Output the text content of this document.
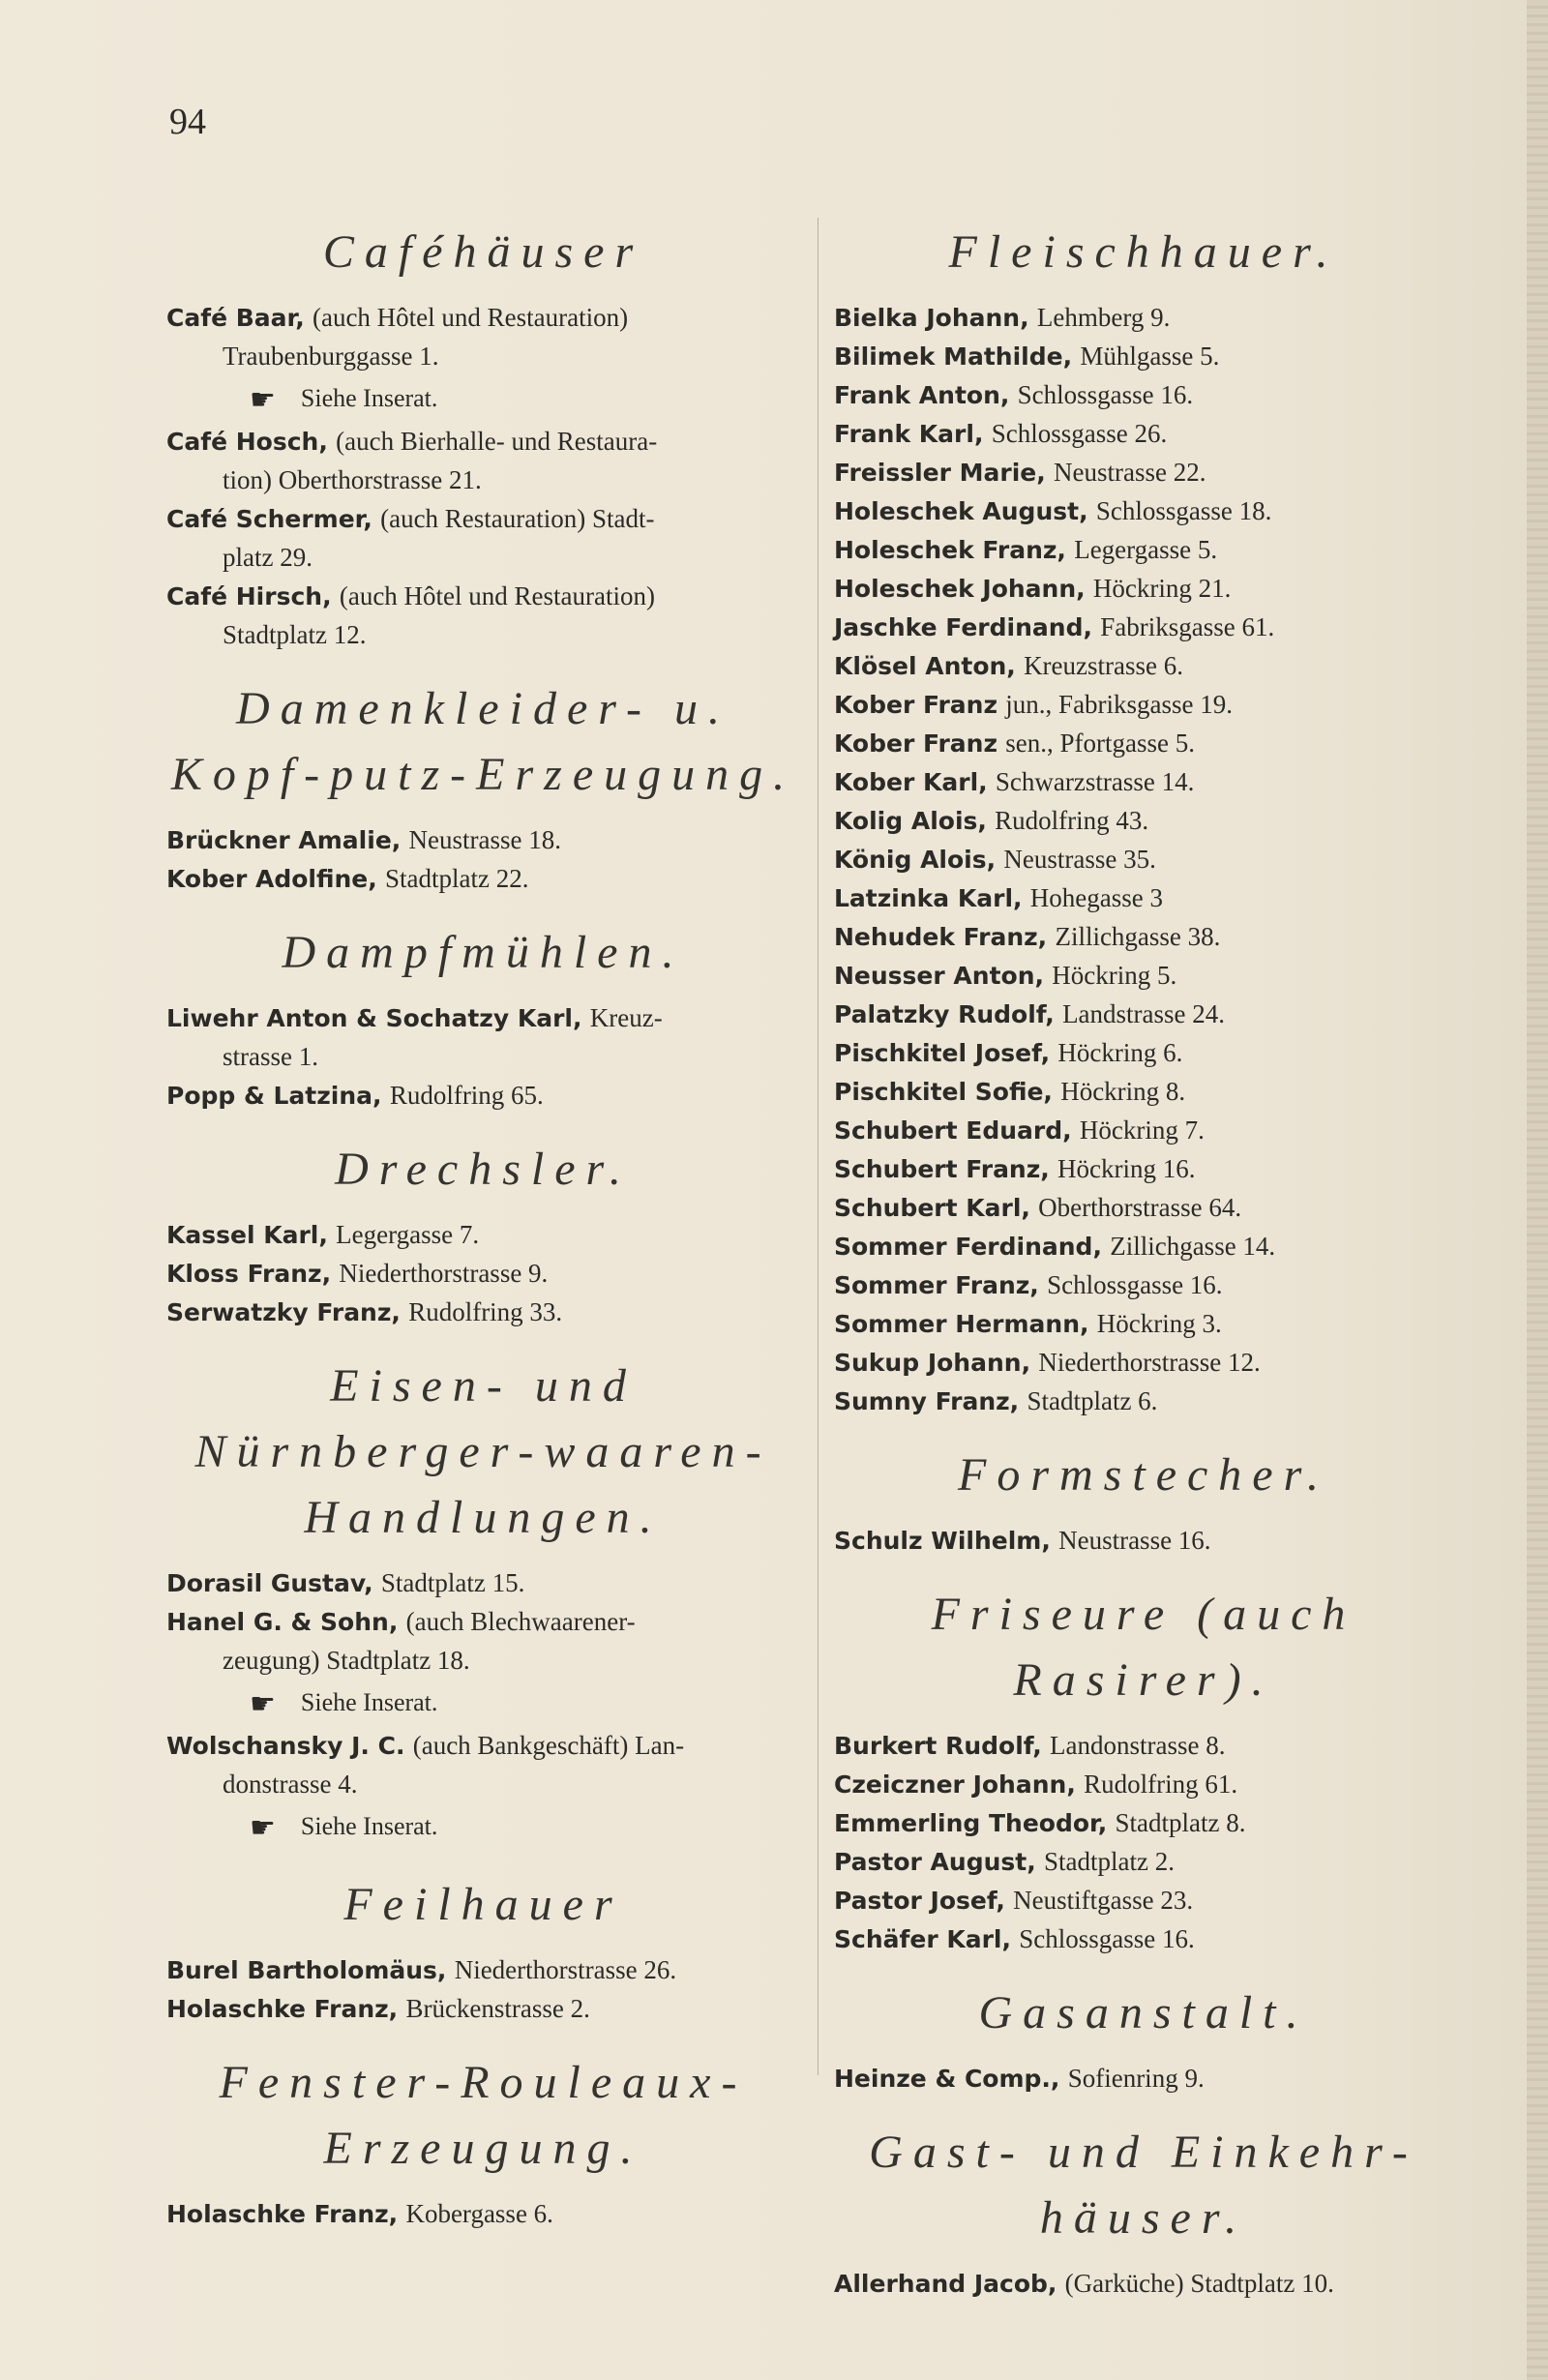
94
Caféhäuser

Café Baar, (auch Hôtel und Restauration)

Traubenburggasse 1.

☛ Siehe Inserat.

Café Hosch, (auch Bierhalle- und Restaura-

tion) Oberthorstrasse 21.

Café Schermer, (auch Restauration) Stadt-

platz 29.

Café Hirsch, (auch Hôtel und Restauration)

Stadtplatz 12.

Damenkleider- u. Kopf-putz-Erzeugung.

Brückner Amalie, Neustrasse 18.

Kober Adolfine, Stadtplatz 22.

Dampfmühlen.

Liwehr Anton & Sochatzy Karl, Kreuz-

strasse 1.

Popp & Latzina, Rudolfring 65.

Drechsler.

Kassel Karl, Legergasse 7.

Kloss Franz, Niederthorstrasse 9.

Serwatzky Franz, Rudolfring 33.

Eisen- und Nürnberger-waaren-Handlungen.

Dorasil Gustav, Stadtplatz 15.

Hanel G. & Sohn, (auch Blechwaarener-

zeugung) Stadtplatz 18.

☛ Siehe Inserat.

Wolschansky J. C. (auch Bankgeschäft) Lan-

donstrasse 4.

☛ Siehe Inserat.
Feilhauer

Burel Bartholomäus, Niederthorstrasse 26.

Holaschke Franz, Brückenstrasse 2.

Fenster-Rouleaux-Erzeugung.

Holaschke Franz, Kobergasse 6.

Fleischhauer.

Bielka Johann, Lehmberg 9.

Bilimek Mathilde, Mühlgasse 5.

Frank Anton, Schlossgasse 16.

Frank Karl, Schlossgasse 26.

Freissler Marie, Neustrasse 22.

Holeschek August, Schlossgasse 18.

Holeschek Franz, Legergasse 5.

Holeschek Johann, Höckring 21.

Jaschke Ferdinand, Fabriksgasse 61.

Klösel Anton, Kreuzstrasse 6.

Kober Franz jun., Fabriksgasse 19.

Kober Franz sen., Pfortgasse 5.

Kober Karl, Schwarzstrasse 14.

Kolig Alois, Rudolfring 43.

König Alois, Neustrasse 35.

Latzinka Karl, Hohegasse 3

Nehudek Franz, Zillichgasse 38.

Neusser Anton, Höckring 5.

Palatzky Rudolf, Landstrasse 24.

Pischkitel Josef, Höckring 6.

Pischkitel Sofie, Höckring 8.

Schubert Eduard, Höckring 7.

Schubert Franz, Höckring 16.

Schubert Karl, Oberthorstrasse 64.

Sommer Ferdinand, Zillichgasse 14.

Sommer Franz, Schlossgasse 16.

Sommer Hermann, Höckring 3.

Sukup Johann, Niederthorstrasse 12.

Sumny Franz, Stadtplatz 6.

Formstecher.

Schulz Wilhelm, Neustrasse 16.

Friseure (auch Rasirer).

Burkert Rudolf, Landonstrasse 8.

Czeiczner Johann, Rudolfring 61.

Emmerling Theodor, Stadtplatz 8.

Pastor August, Stadtplatz 2.

Pastor Josef, Neustiftgasse 23.

Schäfer Karl, Schlossgasse 16.

Gasanstalt.

Heinze & Comp., Sofienring 9.

Gast- und Einkehr-häuser.

Allerhand Jacob, (Garküche) Stadtplatz 10.
